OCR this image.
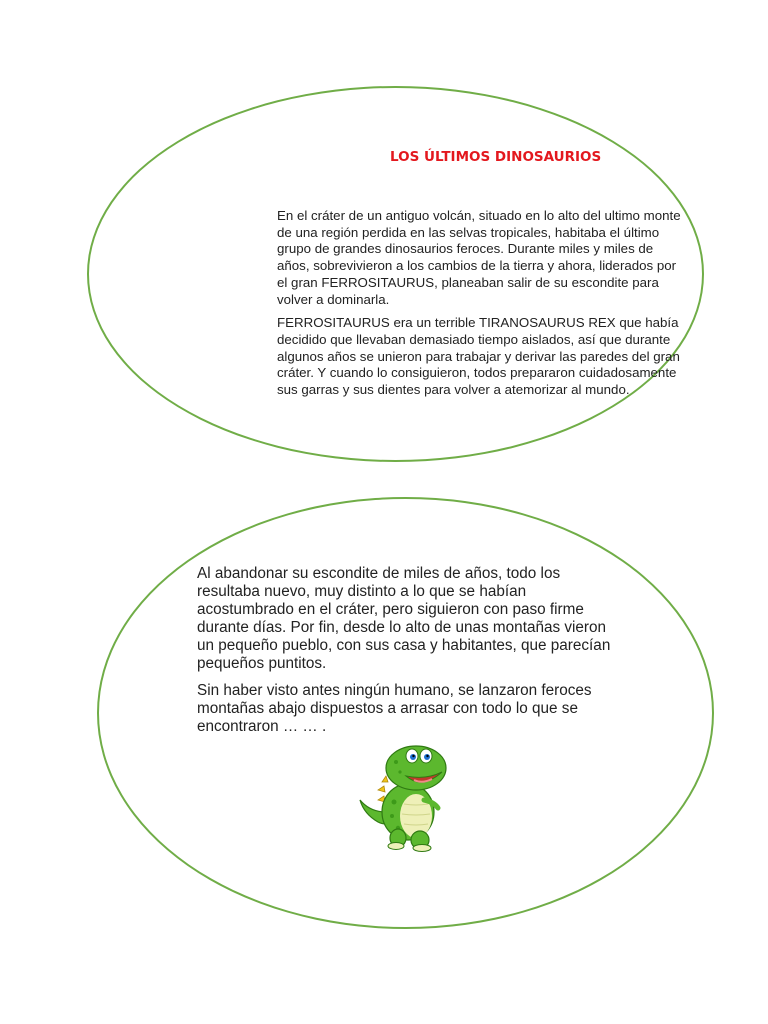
LOS ÚLTIMOS DINOSAURIOS

En el cráter de un antiguo volcán, situado en lo alto del ultimo monte de una región perdida en las selvas tropicales, habitaba el último grupo de grandes dinosaurios feroces. Durante miles y miles de años, sobrevivieron a los cambios de la tierra y ahora, liderados por el gran FERROSITAURUS, planeaban salir de su escondite para volver a dominarla.

FERROSITAURUS era un terrible TIRANOSAURUS REX que había decidido que llevaban demasiado tiempo aislados, así que durante algunos años se unieron para trabajar y derivar las paredes del gran cráter. Y cuando lo consiguieron, todos prepararon cuidadosamente sus garras y sus dientes para volver a atemorizar al mundo.

Al abandonar su escondite de miles de años, todo los resultaba nuevo, muy distinto a lo que se habían acostumbrado en el cráter, pero siguieron con paso firme durante días. Por fin, desde lo alto de unas montañas vieron un pequeño pueblo, con sus casa y habitantes, que parecían pequeños puntitos.

Sin haber visto antes ningún humano, se lanzaron feroces montañas abajo dispuestos a arrasar con todo lo que se encontraron … … .
